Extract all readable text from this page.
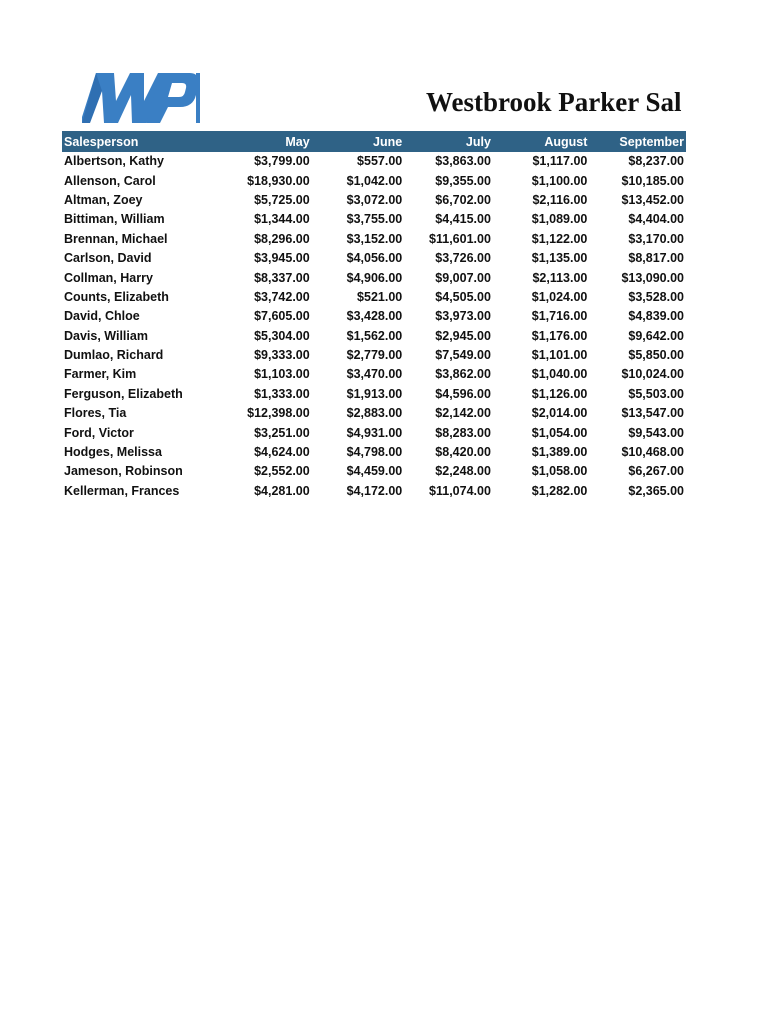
Westbrook Parker Sal
Salesperson	May	June	July	August	September
Albertson, Kathy	$3,799.00	$557.00	$3,863.00	$1,117.00	$8,237.00
Allenson, Carol	$18,930.00	$1,042.00	$9,355.00	$1,100.00	$10,185.00
Altman, Zoey	$5,725.00	$3,072.00	$6,702.00	$2,116.00	$13,452.00
Bittiman, William	$1,344.00	$3,755.00	$4,415.00	$1,089.00	$4,404.00
Brennan, Michael	$8,296.00	$3,152.00	$11,601.00	$1,122.00	$3,170.00
Carlson, David	$3,945.00	$4,056.00	$3,726.00	$1,135.00	$8,817.00
Collman, Harry	$8,337.00	$4,906.00	$9,007.00	$2,113.00	$13,090.00
Counts, Elizabeth	$3,742.00	$521.00	$4,505.00	$1,024.00	$3,528.00
David, Chloe	$7,605.00	$3,428.00	$3,973.00	$1,716.00	$4,839.00
Davis, William	$5,304.00	$1,562.00	$2,945.00	$1,176.00	$9,642.00
Dumlao, Richard	$9,333.00	$2,779.00	$7,549.00	$1,101.00	$5,850.00
Farmer, Kim	$1,103.00	$3,470.00	$3,862.00	$1,040.00	$10,024.00
Ferguson, Elizabeth	$1,333.00	$1,913.00	$4,596.00	$1,126.00	$5,503.00
Flores, Tia	$12,398.00	$2,883.00	$2,142.00	$2,014.00	$13,547.00
Ford, Victor	$3,251.00	$4,931.00	$8,283.00	$1,054.00	$9,543.00
Hodges, Melissa	$4,624.00	$4,798.00	$8,420.00	$1,389.00	$10,468.00
Jameson, Robinson	$2,552.00	$4,459.00	$2,248.00	$1,058.00	$6,267.00
Kellerman, Frances	$4,281.00	$4,172.00	$11,074.00	$1,282.00	$2,365.00
